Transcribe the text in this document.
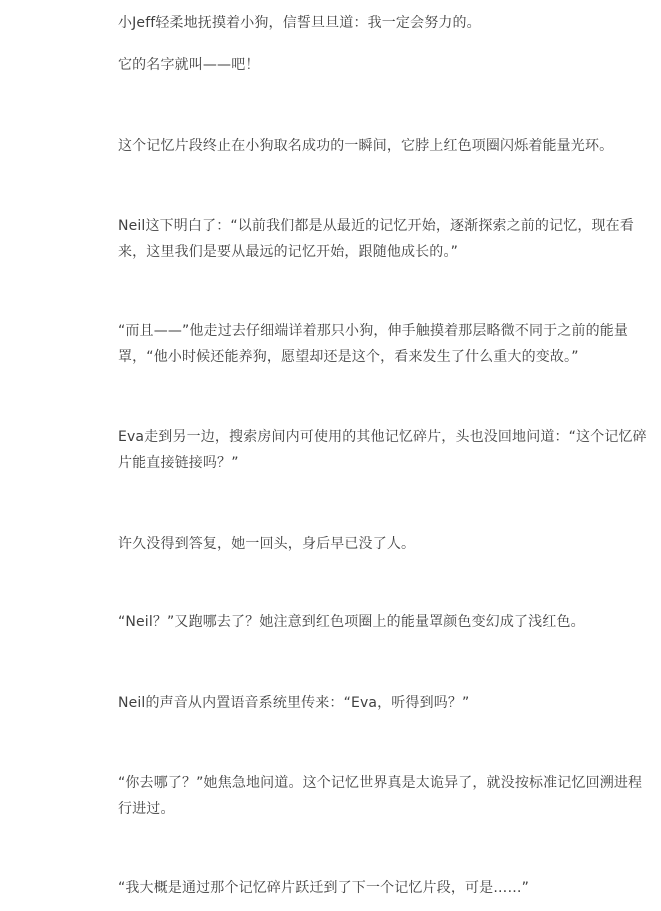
小Jeff轻柔地抚摸着小狗，信誓旦旦道：我一定会努力的。

它的名字就叫——吧！

这个记忆片段终止在小狗取名成功的一瞬间，它脖上红色项圈闪烁着能量光环。

Neil这下明白了：“以前我们都是从最近的记忆开始，逐渐探索之前的记忆，现在看来，这里我们是要从最远的记忆开始，跟随他成长的。”

“而且——”他走过去仔细端详着那只小狗，伸手触摸着那层略微不同于之前的能量罩，“他小时候还能养狗，愿望却还是这个，看来发生了什么重大的变故。”

Eva走到另一边，搜索房间内可使用的其他记忆碎片，头也没回地问道：“这个记忆碎片能直接链接吗？”

许久没得到答复，她一回头，身后早已没了人。

“Neil？”又跑哪去了？她注意到红色项圈上的能量罩颜色变幻成了浅红色。

Neil的声音从内置语音系统里传来：“Eva，听得到吗？”

“你去哪了？”她焦急地问道。这个记忆世界真是太诡异了，就没按标准记忆回溯进程行进过。

“我大概是通过那个记忆碎片跃迁到了下一个记忆片段，可是……”
